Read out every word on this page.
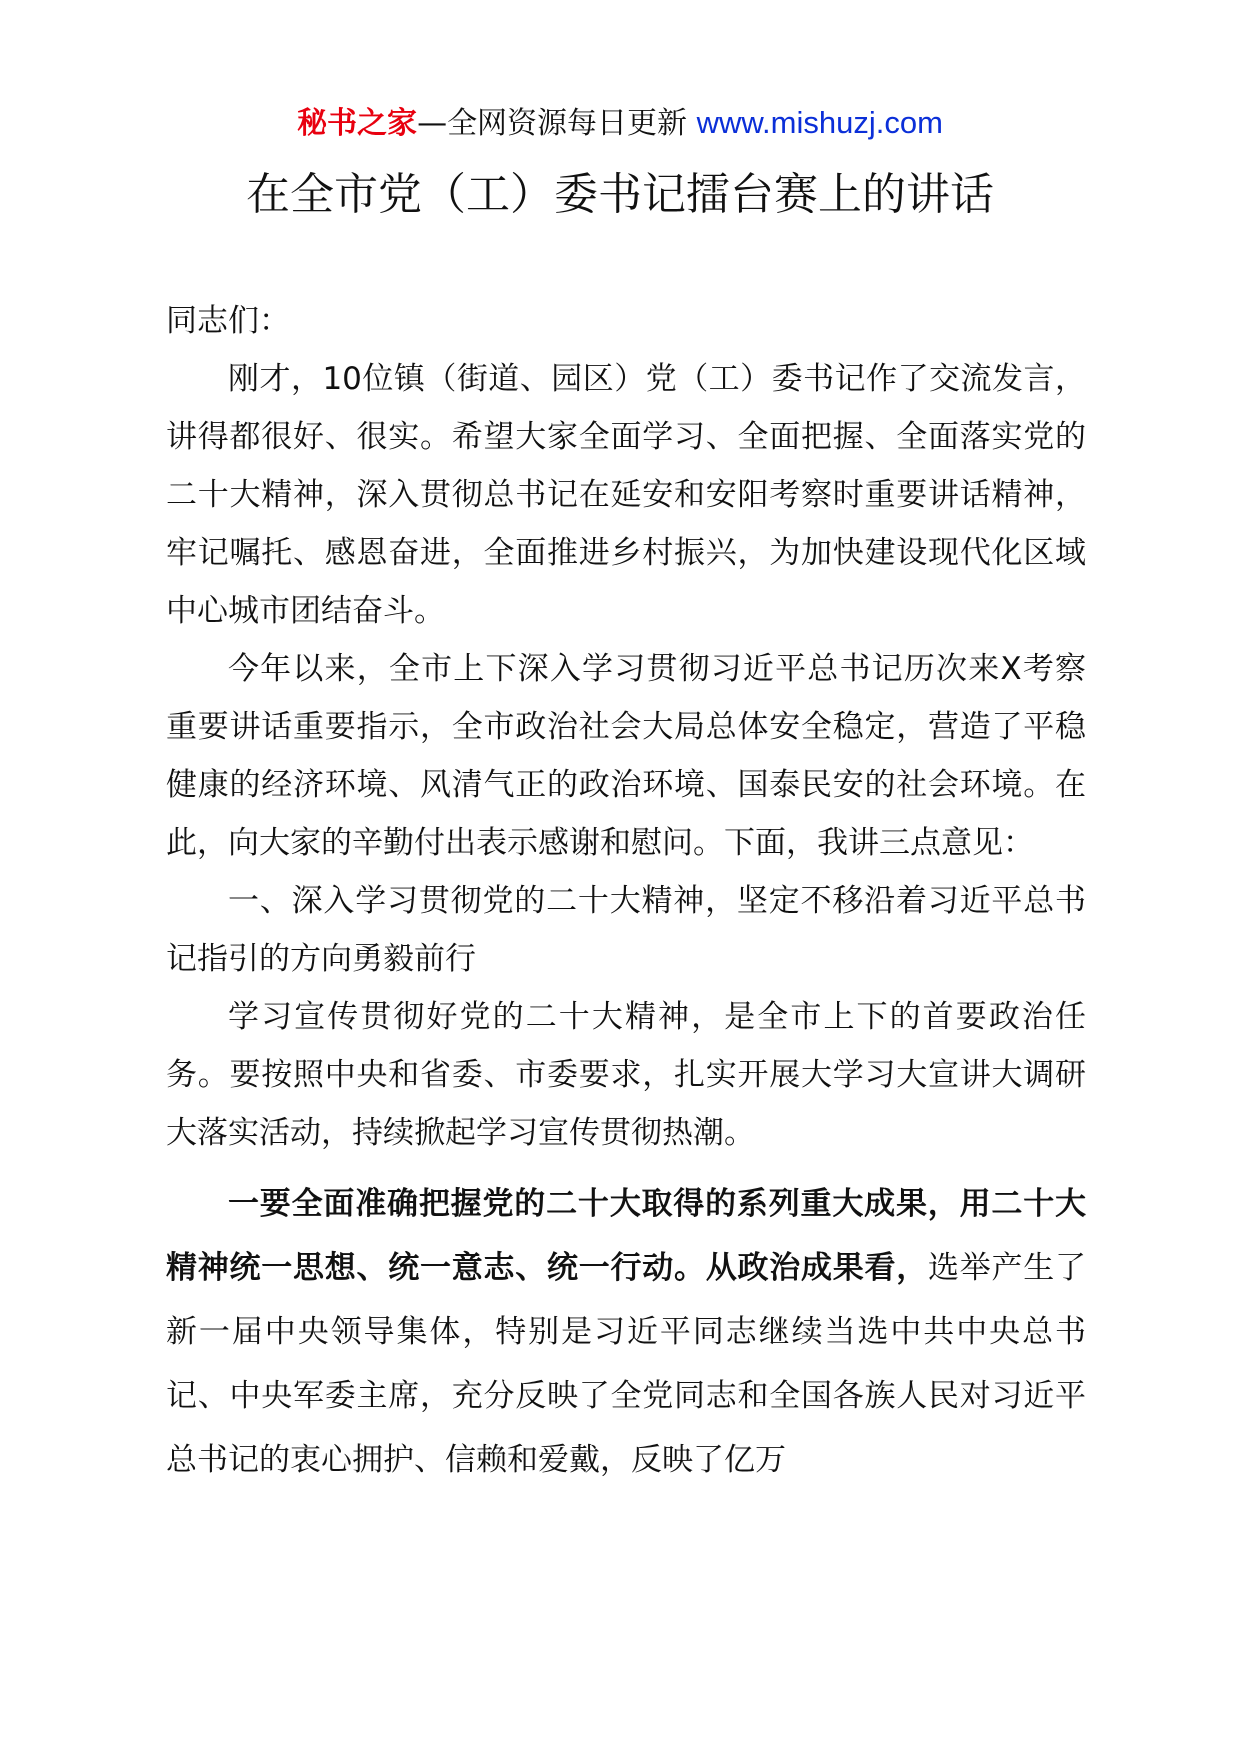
秘书之家—全网资源每日更新 www.mishuzj.com
在全市党（工）委书记擂台赛上的讲话

同志们：

刚才，10位镇（街道、园区）党（工）委书记作了交流发言，讲得都很好、很实。希望大家全面学习、全面把握、全面落实党的二十大精神，深入贯彻总书记在延安和安阳考察时重要讲话精神，牢记嘱托、感恩奋进，全面推进乡村振兴，为加快建设现代化区域中心城市团结奋斗。

今年以来，全市上下深入学习贯彻习近平总书记历次来X考察重要讲话重要指示，全市政治社会大局总体安全稳定，营造了平稳健康的经济环境、风清气正的政治环境、国泰民安的社会环境。在此，向大家的辛勤付出表示感谢和慰问。下面，我讲三点意见：

一、深入学习贯彻党的二十大精神，坚定不移沿着习近平总书记指引的方向勇毅前行

学习宣传贯彻好党的二十大精神，是全市上下的首要政治任务。要按照中央和省委、市委要求，扎实开展大学习大宣讲大调研大落实活动，持续掀起学习宣传贯彻热潮。

一要全面准确把握党的二十大取得的系列重大成果，用二十大精神统一思想、统一意志、统一行动。从政治成果看，选举产生了新一届中央领导集体，特别是习近平同志继续当选中共中央总书记、中央军委主席，充分反映了全党同志和全国各族人民对习近平总书记的衷心拥护、信赖和爱戴，反映了亿万
